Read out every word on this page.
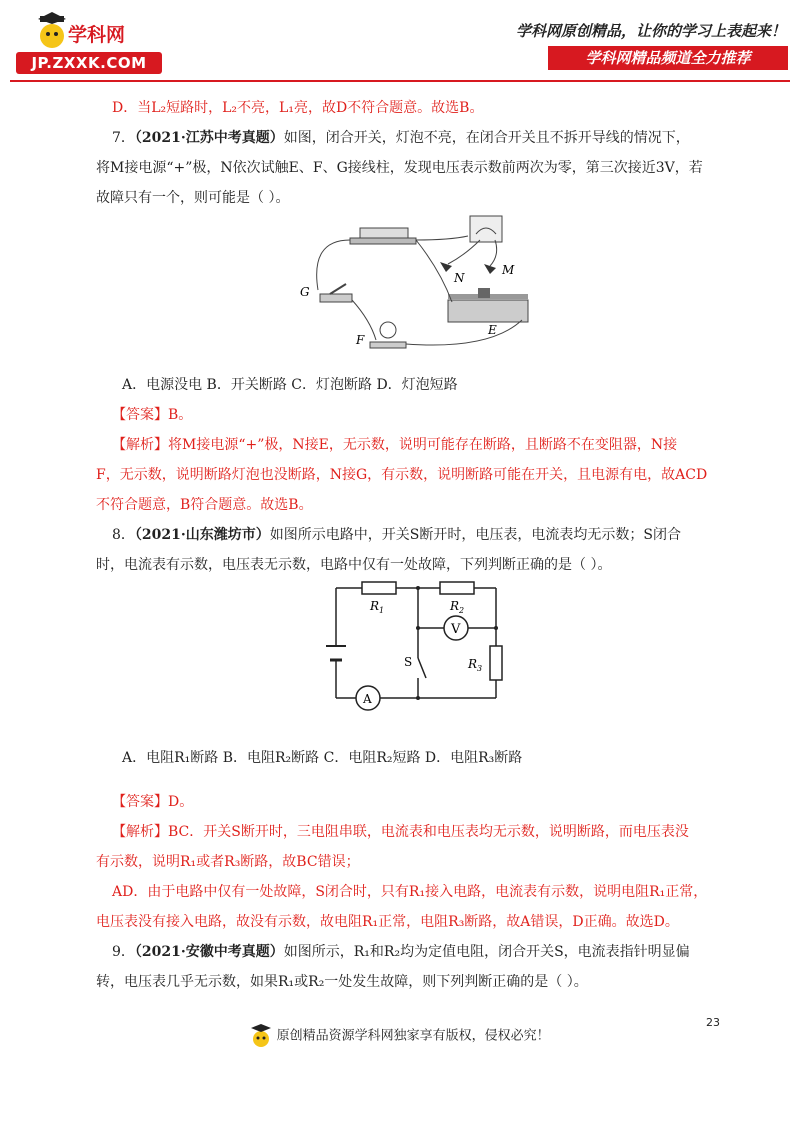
学科网
JP.ZXXK.COM
学科网原创精品，让你的学习上表起来！
学科网精品频道全力推荐
D．当L₂短路时，L₂不亮，L₁亮，故D不符合题意。故选B。
7．（2021·江苏中考真题）如图，闭合开关，灯泡不亮，在闭合开关且不拆开导线的情况下，
将M接电源“+”极，N依次试触E、F、G接线柱，发现电压表示数前两次为零，第三次接近3V，若
故障只有一个，则可能是（ ）。
G
N
M
F
E
A．电源没电 B．开关断路 C．灯泡断路 D．灯泡短路
【答案】B。
【解析】将M接电源“+”极，N接E，无示数，说明可能存在断路，且断路不在变阻器，N接
F，无示数，说明断路灯泡也没断路，N接G，有示数，说明断路可能在开关，且电源有电，故ACD
不符合题意，B符合题意。故选B。
8．（2021·山东潍坊市）如图所示电路中，开关S断开时，电压表，电流表均无示数；S闭合
时，电流表有示数，电压表无示数，电路中仅有一处故障，下列判断正确的是（ ）。
$R_1$	$R_2$
V
S	$R_3$
A
A．电阻R₁断路 B．电阻R₂断路 C．电阻R₂短路 D．电阻R₃断路
【答案】D。
【解析】BC．开关S断开时，三电阻串联，电流表和电压表均无示数，说明断路，而电压表没
有示数，说明R₁或者R₃断路，故BC错误；
AD．由于电路中仅有一处故障，S闭合时，只有R₁接入电路，电流表有示数，说明电阻R₁正常，
电压表没有接入电路，故没有示数，故电阻R₁正常，电阻R₃断路，故A错误，D正确。故选D。
9．（2021·安徽中考真题）如图所示，R₁和R₂均为定值电阻，闭合开关S，电流表指针明显偏
转，电压表几乎无示数，如果R₁或R₂一处发生故障，则下列判断正确的是（ ）。
23
原创精品资源学科网独家享有版权，侵权必究！
